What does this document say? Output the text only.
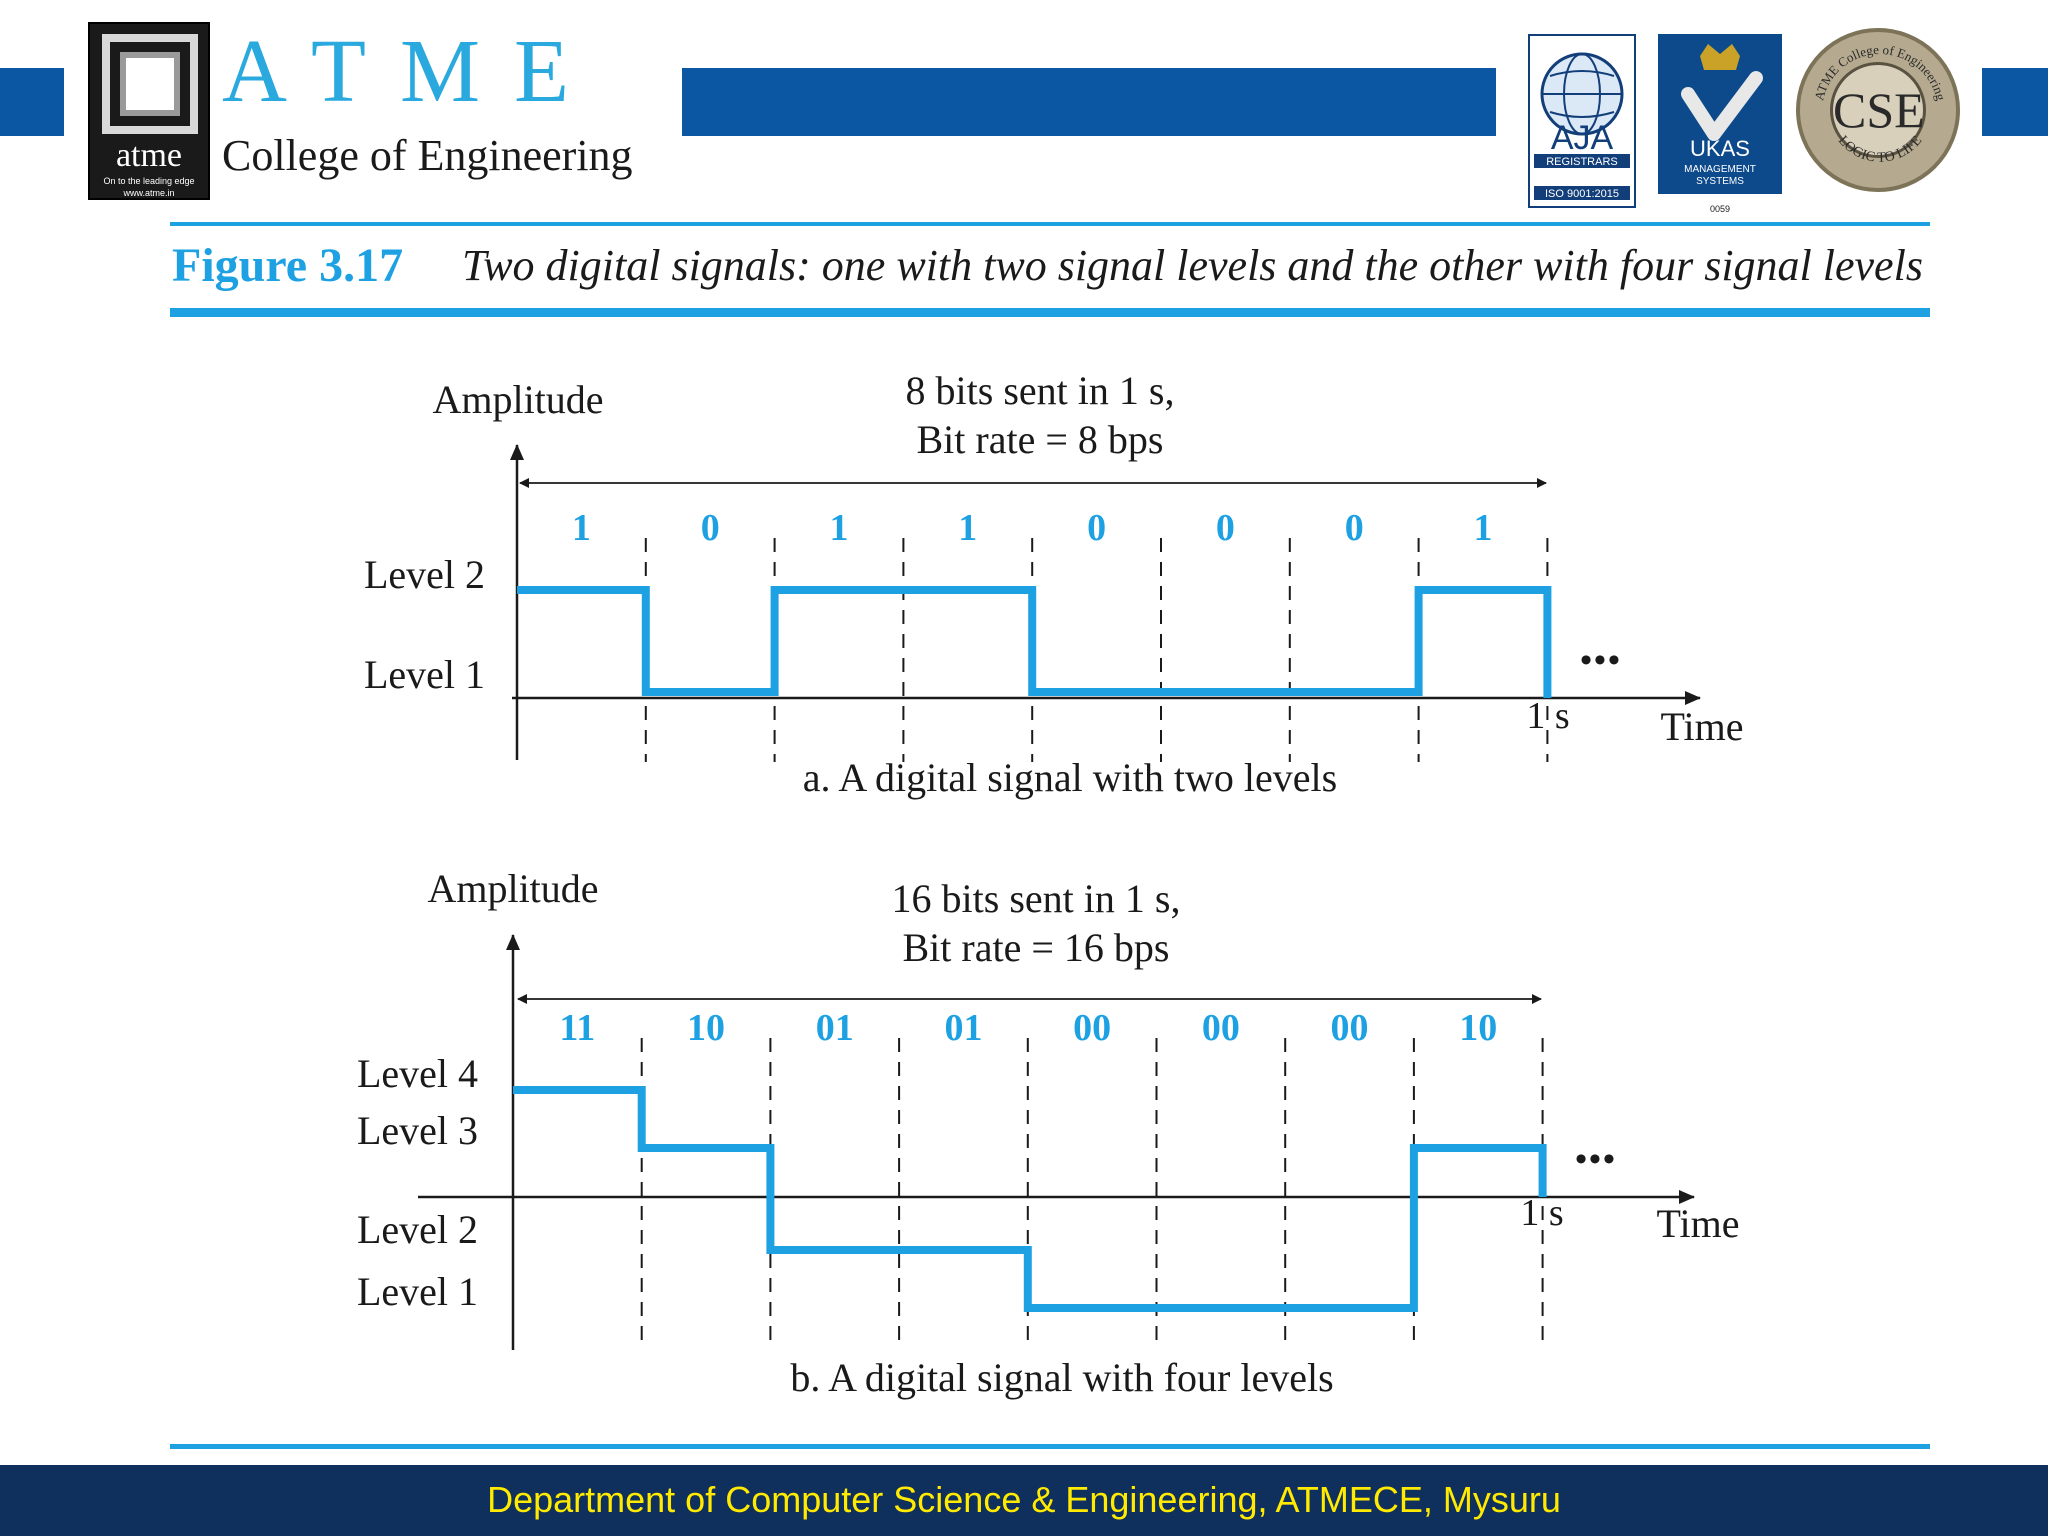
atme
On to the leading edge
www.atme.in
ATME
College of Engineering	AJA
REGISTRARS
ISO 9001:2015
UKAS
MANAGEMENT
SYSTEMS
0059
CSE
ATME College of Engineering
LOGIC TO LIFE
Figure 3.17 Two digital signals: one with two signal levels and the other with four signal levels
Amplitude	8 bits sent in 1 s,
Bit rate = 8 bps
1 s Time
•••
a. A digital signal with two levels
Level 1
Level 2
1	0	1	1	0	0	0	1
Amplitude	16 bits sent in 1 s,
Bit rate = 16 bps
1 s Time
•••
b. A digital signal with four levels
Level 1
Level 2
Level 3
Level 4
11 10 01 01 00 00 00 10
Department of Computer Science & Engineering, ATMECE, Mysuru
